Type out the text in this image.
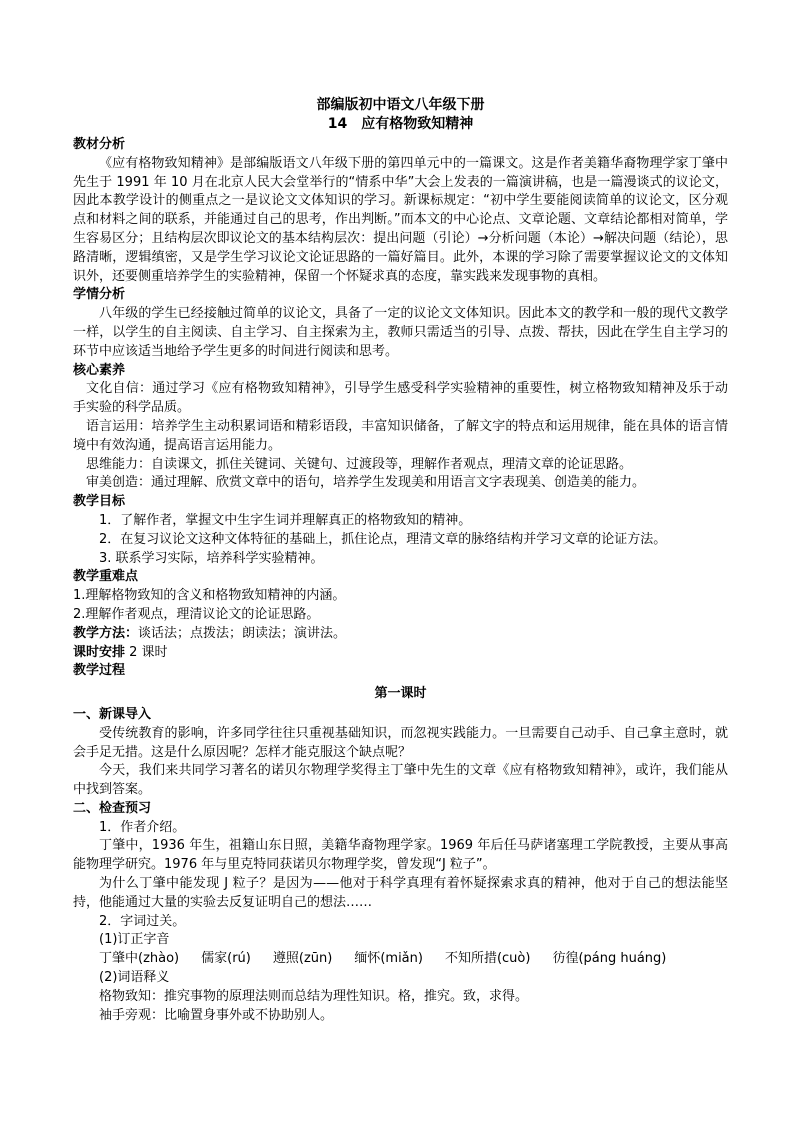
部编版初中语文八年级下册

14　应有格物致知精神

教材分析

《应有格物致知精神》是部编版语文八年级下册的第四单元中的一篇课文。这是作者美籍华裔物理学家丁肇中先生于 1991 年 10 月在北京人民大会堂举行的“情系中华”大会上发表的一篇演讲稿，也是一篇漫谈式的议论文，因此本教学设计的侧重点之一是议论文文体知识的学习。新课标规定：“初中学生要能阅读简单的议论文，区分观点和材料之间的联系，并能通过自己的思考，作出判断。”而本文的中心论点、文章论题、文章结论都相对简单，学生容易区分；且结构层次即议论文的基本结构层次：提出问题（引论）→分析问题（本论）→解决问题（结论），思路清晰，逻辑缜密，又是学生学习议论文论证思路的一篇好篇目。此外，本课的学习除了需要掌握议论文的文体知识外，还要侧重培养学生的实验精神，保留一个怀疑求真的态度，靠实践来发现事物的真相。

学情分析

八年级的学生已经接触过简单的议论文，具备了一定的议论文文体知识。因此本文的教学和一般的现代文教学一样，以学生的自主阅读、自主学习、自主探索为主，教师只需适当的引导、点拨、帮扶，因此在学生自主学习的环节中应该适当地给予学生更多的时间进行阅读和思考。

核心素养

文化自信：通过学习《应有格物致知精神》，引导学生感受科学实验精神的重要性，树立格物致知精神及乐于动手实验的科学品质。

语言运用：培养学生主动积累词语和精彩语段，丰富知识储备，了解文字的特点和运用规律，能在具体的语言情境中有效沟通，提高语言运用能力。

思维能力：自读课文，抓住关键词、关键句、过渡段等，理解作者观点，理清文章的论证思路。

审美创造：通过理解、欣赏文章中的语句，培养学生发现美和用语言文字表现美、创造美的能力。

教学目标

1．了解作者，掌握文中生字生词并理解真正的格物致知的精神。

2．在复习议论文这种文体特征的基础上，抓住论点，理清文章的脉络结构并学习文章的论证方法。

3. 联系学习实际，培养科学实验精神。

教学重难点

1.理解格物致知的含义和格物致知精神的内涵。

2.理解作者观点，理清议论文的论证思路。

教学方法：谈话法；点拨法；朗读法；演讲法。

课时安排 2 课时

教学过程

第一课时

一、新课导入

受传统教育的影响，许多同学往往只重视基础知识，而忽视实践能力。一旦需要自己动手、自己拿主意时，就会手足无措。这是什么原因呢？怎样才能克服这个缺点呢？

今天，我们来共同学习著名的诺贝尔物理学奖得主丁肇中先生的文章《应有格物致知精神》，或许，我们能从中找到答案。

二、检查预习

1．作者介绍。

丁肇中，1936 年生，祖籍山东日照，美籍华裔物理学家。1969 年后任马萨诸塞理工学院教授，主要从事高能物理学研究。1976 年与里克特同获诺贝尔物理学奖，曾发现“J 粒子”。

为什么丁肇中能发现 J 粒子？是因为——他对于科学真理有着怀疑探索求真的精神，他对于自己的想法能坚持，他能通过大量的实验去反复证明自己的想法……

2．字词过关。

(1)订正字音

丁肇中(zhào) 儒家(rú) 遵照(zūn) 缅怀(miǎn) 不知所措(cuò) 彷徨(páng huáng)

(2)词语释义

格物致知：推究事物的原理法则而总结为理性知识。格，推究。致，求得。

袖手旁观：比喻置身事外或不协助别人。
